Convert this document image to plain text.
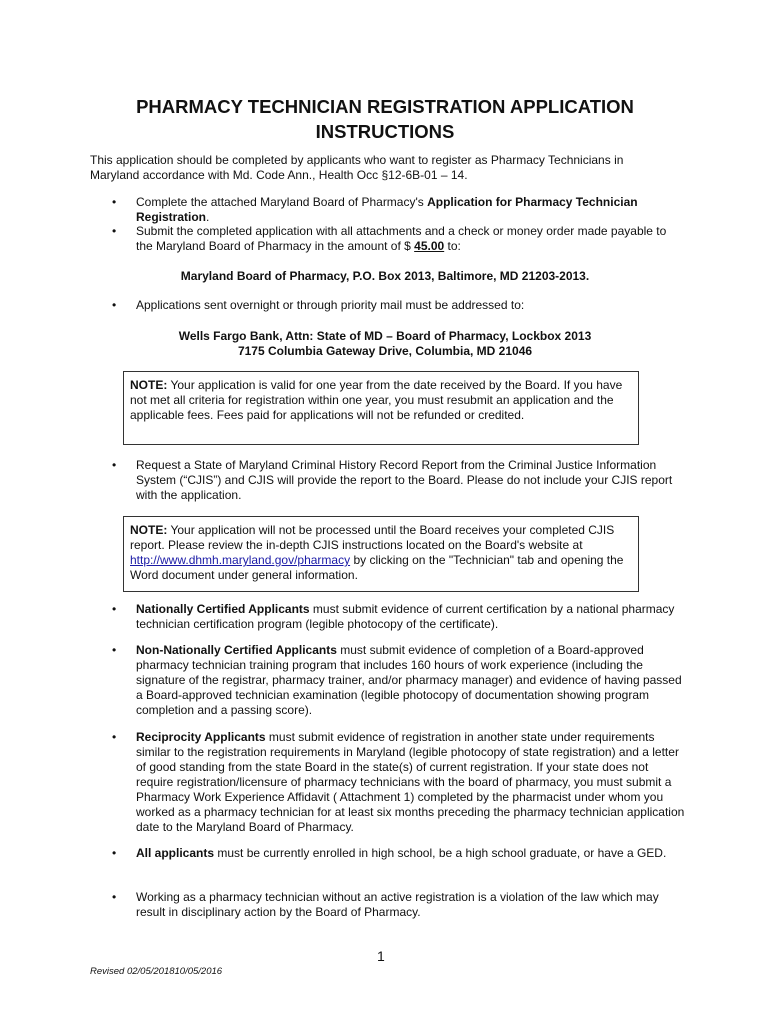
PHARMACY TECHNICIAN REGISTRATION APPLICATION
INSTRUCTIONS
This application should be completed by applicants who want to register as Pharmacy Technicians in Maryland accordance with Md. Code Ann., Health Occ §12-6B-01 – 14.
• Complete the attached Maryland Board of Pharmacy's Application for Pharmacy Technician Registration.
• Submit the completed application with all attachments and a check or money order made payable to the Maryland Board of Pharmacy in the amount of $ 45.00 to:
Maryland Board of Pharmacy, P.O. Box 2013, Baltimore, MD 21203-2013.
• Applications sent overnight or through priority mail must be addressed to:
Wells Fargo Bank, Attn: State of MD – Board of Pharmacy, Lockbox 2013
7175 Columbia Gateway Drive, Columbia, MD 21046
NOTE: Your application is valid for one year from the date received by the Board. If you have not met all criteria for registration within one year, you must resubmit an application and the applicable fees. Fees paid for applications will not be refunded or credited.
• Request a State of Maryland Criminal History Record Report from the Criminal Justice Information System (“CJIS”) and CJIS will provide the report to the Board. Please do not include your CJIS report with the application.
NOTE: Your application will not be processed until the Board receives your completed CJIS report. Please review the in-depth CJIS instructions located on the Board's website at http://www.dhmh.maryland.gov/pharmacy by clicking on the "Technician" tab and opening the Word document under general information.
• Nationally Certified Applicants must submit evidence of current certification by a national pharmacy technician certification program (legible photocopy of the certificate).
• Non-Nationally Certified Applicants must submit evidence of completion of a Board-approved pharmacy technician training program that includes 160 hours of work experience (including the signature of the registrar, pharmacy trainer, and/or pharmacy manager) and evidence of having passed a Board-approved technician examination (legible photocopy of documentation showing program completion and a passing score).
• Reciprocity Applicants must submit evidence of registration in another state under requirements similar to the registration requirements in Maryland (legible photocopy of state registration) and a letter of good standing from the state Board in the state(s) of current registration. If your state does not require registration/licensure of pharmacy technicians with the board of pharmacy, you must submit a Pharmacy Work Experience Affidavit ( Attachment 1) completed by the pharmacist under whom you worked as a pharmacy technician for at least six months preceding the pharmacy technician application date to the Maryland Board of Pharmacy.
• All applicants must be currently enrolled in high school, be a high school graduate, or have a GED.
• Working as a pharmacy technician without an active registration is a violation of the law which may result in disciplinary action by the Board of Pharmacy.
1
Revised 02/05/201810/05/2016
